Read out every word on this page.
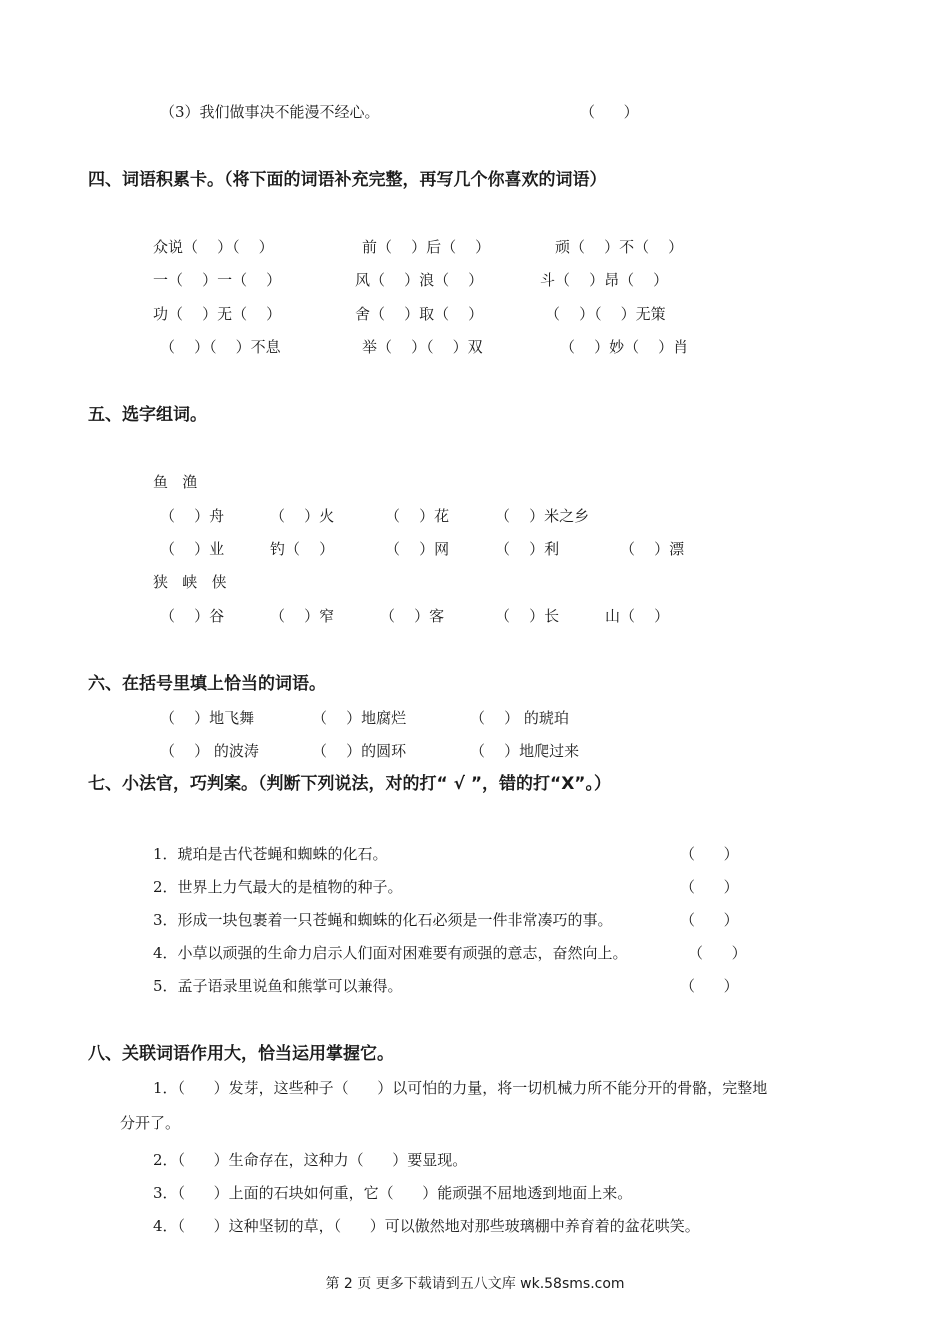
（3）我们做事决不能漫不经心。	（      ）
四、词语积累卡。（将下面的词语补充完整，再写几个你喜欢的词语）
众说（    ）（    ）	前（    ）后（    ）	顽（    ）不（    ）
一（    ）一（    ）	风（    ）浪（    ）	斗（    ）昂（    ）
功（    ）无（    ）	舍（    ）取（    ）	（    ）（    ）无策
（    ）（    ）不息	举（    ）（    ）双	（    ）妙（    ）肖
五、选字组词。
鱼   渔
（    ）舟	（    ）火	（    ）花	（    ）米之乡
（    ）业	钓（    ）	（    ）网	（    ）利	（    ）漂
狭   峡   侠
（    ）谷	（    ）窄	（    ）客	（    ）长	山（    ）
六、在括号里填上恰当的词语。
（    ）地飞舞	（    ）地腐烂	（    ） 的琥珀
（    ） 的波涛	（    ）的圆环	（    ）地爬过来
七、小法官，巧判案。（判断下列说法，对的打“ √ ”，错的打“X”。）
1．琥珀是古代苍蝇和蜘蛛的化石。	（      ）
2．世界上力气最大的是植物的种子。	（      ）
3．形成一块包裹着一只苍蝇和蜘蛛的化石必须是一件非常凑巧的事。	（      ）
4．小草以顽强的生命力启示人们面对困难要有顽强的意志，奋然向上。	（      ）
5．孟子语录里说鱼和熊掌可以兼得。	（      ）
八、关联词语作用大，恰当运用掌握它。
1．（      ）发芽，这些种子（      ）以可怕的力量，将一切机械力所不能分开的骨骼，完整地
分开了。
2．（      ）生命存在，这种力（      ）要显现。
3．（      ）上面的石块如何重，它（      ）能顽强不屈地透到地面上来。
4．（      ）这种坚韧的草，（      ）可以傲然地对那些玻璃棚中养育着的盆花哄笑。
第 2 页 更多下载请到五八文库 wk.58sms.com
